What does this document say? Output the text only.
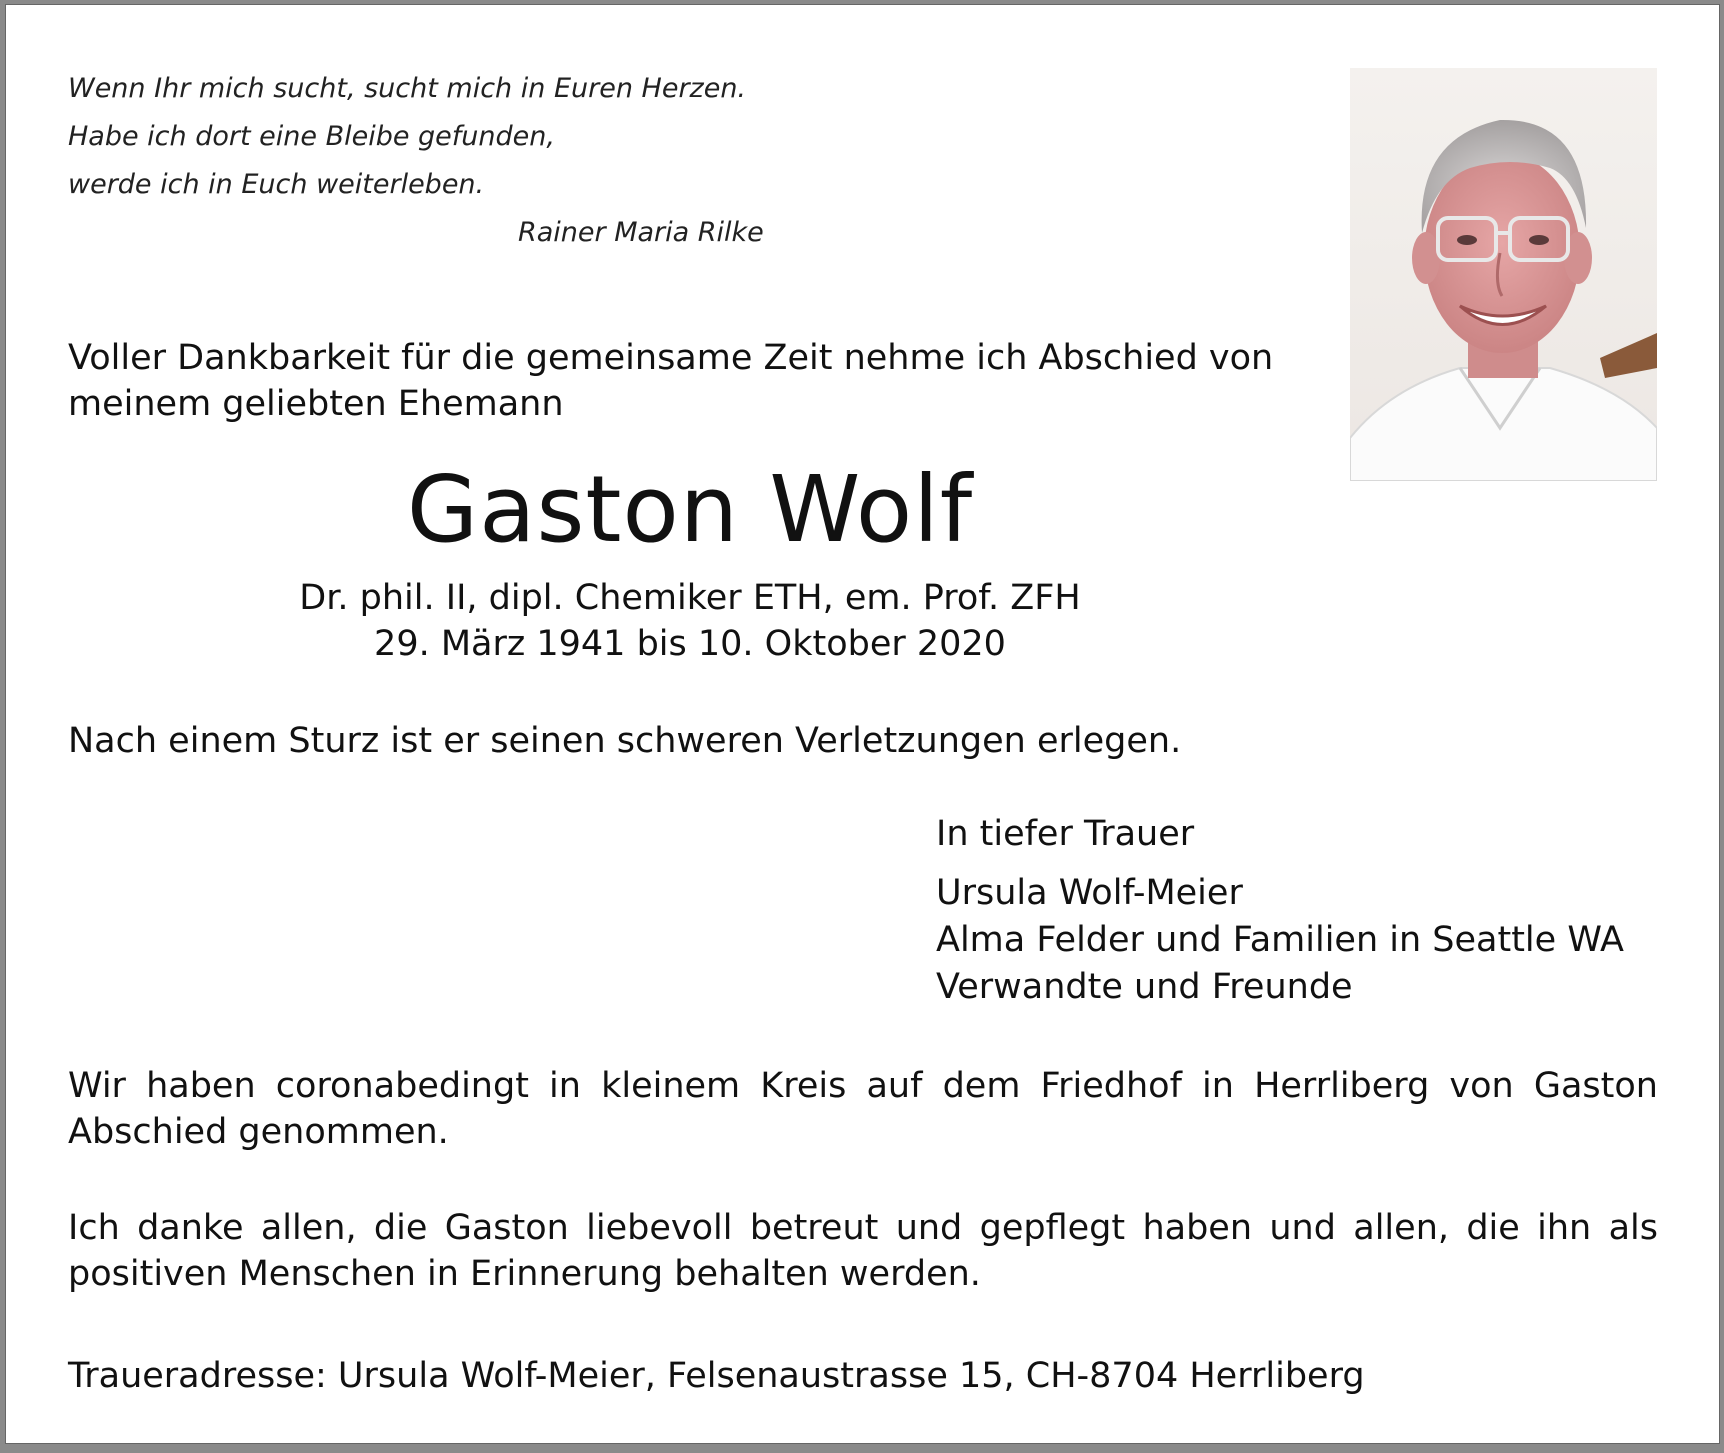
Wenn Ihr mich sucht, sucht mich in Euren Herzen.
Habe ich dort eine Bleibe gefunden,
werde ich in Euch weiterleben.
Rainer Maria Rilke
Voller Dankbarkeit für die gemeinsame Zeit nehme ich Abschied von meinem geliebten Ehemann
Gaston Wolf
Dr. phil. II, dipl. Chemiker ETH, em. Prof. ZFH
29. März 1941 bis 10. Oktober 2020
Nach einem Sturz ist er seinen schweren Verletzungen erlegen.
In tiefer Trauer
Ursula Wolf-Meier
Alma Felder und Familien in Seattle WA
Verwandte und Freunde
Wir haben coronabedingt in kleinem Kreis auf dem Friedhof in Herrliberg von Gaston Abschied genommen.
Ich danke allen, die Gaston liebevoll betreut und gepflegt haben und allen, die ihn als positiven Menschen in Erinnerung behalten werden.
Traueradresse: Ursula Wolf-Meier, Felsenaustrasse 15, CH-8704 Herrliberg
